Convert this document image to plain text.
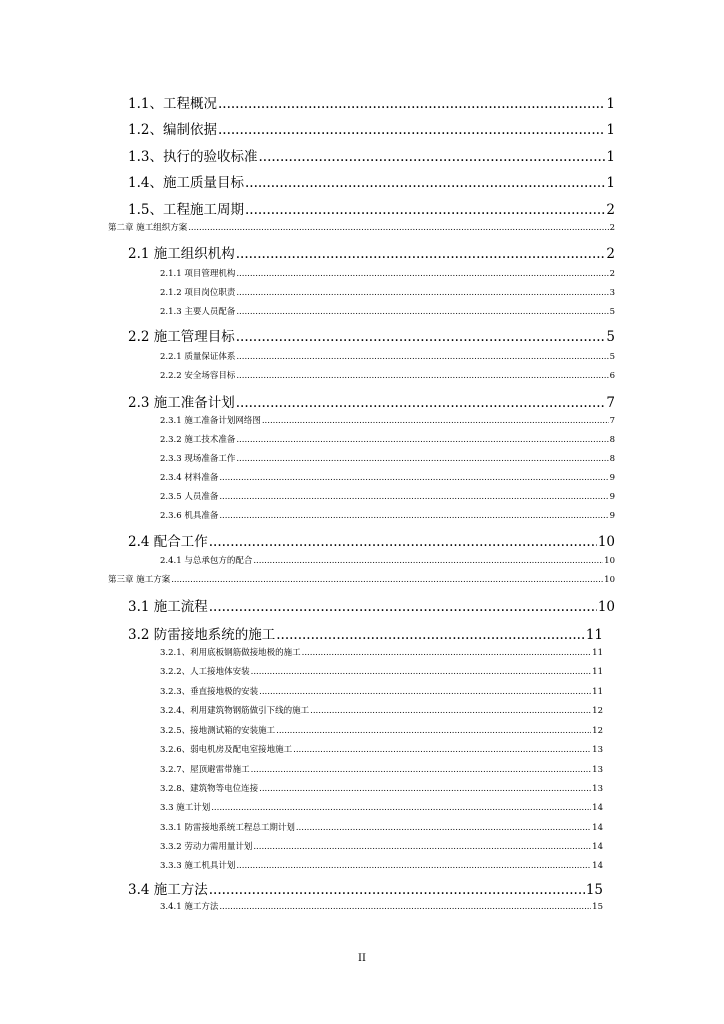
1.1、工程概况 .....	1
1.2、编制依据 .....	1
1.3、执行的验收标准 .....	1
1.4、施工质量目标 .....	1
1.5、工程施工周期 .....	2
第二章 施工组织方案 .....	2
2.1 施工组织机构 .....	2
2.1.1 项目管理机构 .....	2
2.1.2 项目岗位职责 .....	3
2.1.3 主要人员配备 .....	5
2.2 施工管理目标 .....	5
2.2.1 质量保证体系 .....	5
2.2.2 安全场容目标 .....	6
2.3 施工准备计划 .....	7
2.3.1 施工准备计划网络图 .....	7
2.3.2 施工技术准备 .....	8
2.3.3 现场准备工作 .....	8
2.3.4 材料准备 .....	9
2.3.5 人员准备 .....	9
2.3.6 机具准备 .....	9
2.4 配合工作 .....	10
2.4.1 与总承包方的配合 .....	10
第三章 施工方案 .....	10
3.1 施工流程 .....	10
3.2 防雷接地系统的施工 .....	11
3.2.1、利用底板钢筋做接地极的施工 .....	11
3.2.2、人工接地体安装 .....	11
3.2.3、垂直接地极的安装 .....	11
3.2.4、利用建筑物钢筋做引下线的施工 .....	12
3.2.5、接地测试箱的安装施工 .....	12
3.2.6、弱电机房及配电室接地施工 .....	13
3.2.7、屋顶避雷带施工 .....	13
3.2.8、建筑物等电位连接 .....	13
3.3 施工计划 .....	14
3.3.1 防雷接地系统工程总工期计划 .....	14
3.3.2 劳动力需用量计划 .....	14
3.3.3 施工机具计划 .....	14
3.4 施工方法 .....	15
3.4.1 施工方法 .....	15
II
